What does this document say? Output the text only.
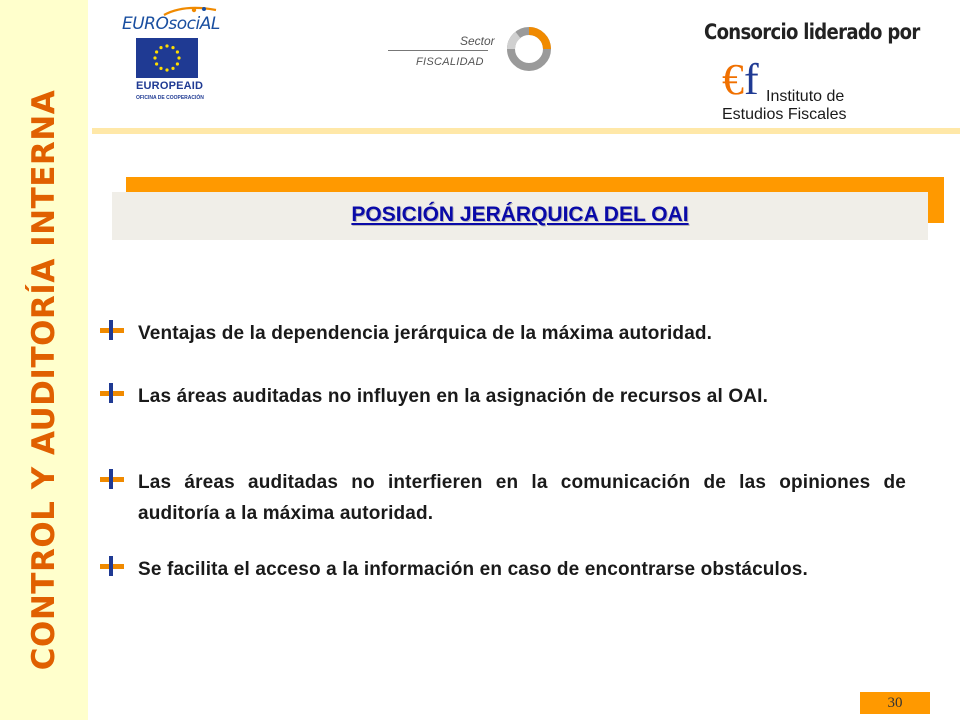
CONTROL Y AUDITORÍA INTERNA
EUROsociAL
EUROPEAID
OFICINA DE COOPERACIÓN
Sector
FISCALIDAD
Consorcio liderado por
€ f Instituto de
Estudios Fiscales
POSICIÓN JERÁRQUICA DEL OAI
Ventajas de la dependencia jerárquica de la máxima autoridad.
Las áreas auditadas no influyen en la asignación de recursos al OAI.
Las áreas auditadas no interfieren en la comunicación de las opiniones de auditoría a la máxima autoridad.
Se facilita el acceso a la información en caso de encontrarse obstáculos.
30
